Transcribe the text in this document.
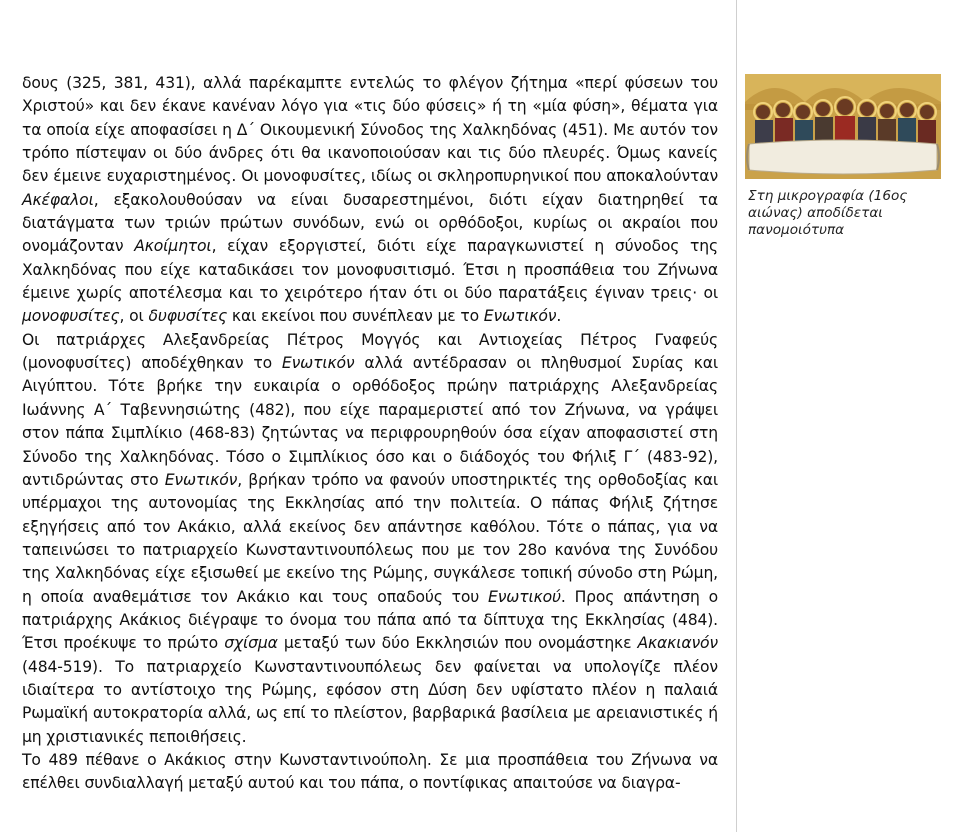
δους (325, 381, 431), αλλά παρέκαμπτε εντελώς το φλέγον ζήτημα «περί φύσεων του Χριστού» και δεν έκανε κανέναν λόγο για «τις δύο φύσεις» ή τη «μία φύση», θέματα για τα οποία είχε αποφασίσει η Δ΄ Οικουμενική Σύνοδος της Χαλκηδόνας (451). Με αυτόν τον τρόπο πίστεψαν οι δύο άνδρες ότι θα ικανοποιούσαν και τις δύο πλευρές. Όμως κανείς δεν έμεινε ευχαριστημένος. Οι μονοφυσίτες, ιδίως οι σκληροπυρηνικοί που αποκαλούνταν Ακέφαλοι, εξακολουθούσαν να είναι δυσαρεστημένοι, διότι είχαν διατηρηθεί τα διατάγματα των τριών πρώτων συνόδων, ενώ οι ορθόδοξοι, κυρίως οι ακραίοι που ονομάζονταν Ακοίμητοι, είχαν εξοργιστεί, διότι είχε παραγκωνιστεί η σύνοδος της Χαλκηδόνας που είχε καταδικάσει τον μονοφυσιτισμό. Έτσι η προσπάθεια του Ζήνωνα έμεινε χωρίς αποτέλεσμα και το χειρότερο ήταν ότι οι δύο παρατάξεις έγιναν τρεις· οι μονοφυσίτες, οι δυφυσίτες και εκείνοι που συνέπλεαν με το Ενωτικόν.

Οι πατριάρχες Αλεξανδρείας Πέτρος Μογγός και Αντιοχείας Πέτρος Γναφεύς (μονοφυσίτες) αποδέχθηκαν το Ενωτικόν αλλά αντέδρασαν οι πληθυσμοί Συρίας και Αιγύπτου. Τότε βρήκε την ευκαιρία ο ορθόδοξος πρώην πατριάρχης Αλεξανδρείας Ιωάννης Α΄ Ταβεννησιώτης (482), που είχε παραμεριστεί από τον Ζήνωνα, να γράψει στον πάπα Σιμπλίκιο (468-83) ζητώντας να περιφρουρηθούν όσα είχαν αποφασιστεί στη Σύνοδο της Χαλκηδόνας. Τόσο ο Σιμπλίκιος όσο και ο διάδοχός του Φήλιξ Γ΄ (483-92), αντιδρώντας στο Ενωτικόν, βρήκαν τρόπο να φανούν υποστηρικτές της ορθοδοξίας και υπέρμαχοι της αυτονομίας της Εκκλησίας από την πολιτεία. Ο πάπας Φήλιξ ζήτησε εξηγήσεις από τον Ακάκιο, αλλά εκείνος δεν απάντησε καθόλου. Τότε ο πάπας, για να ταπεινώσει το πατριαρχείο Κωνσταντινουπόλεως που με τον 28ο κανόνα της Συνόδου της Χαλκηδόνας είχε εξισωθεί με εκείνο της Ρώμης, συγκάλεσε τοπική σύνοδο στη Ρώμη, η οποία αναθεμάτισε τον Ακάκιο και τους οπαδούς του Ενωτικού. Προς απάντηση ο πατριάρχης Ακάκιος διέγραψε το όνομα του πάπα από τα δίπτυχα της Εκκλησίας (484). Έτσι προέκυψε το πρώτο σχίσμα μεταξύ των δύο Εκκλησιών που ονομάστηκε Ακακιανόν (484-519). Το πατριαρχείο Κωνσταντινουπόλεως δεν φαίνεται να υπολογίζε πλέον ιδιαίτερα το αντίστοιχο της Ρώμης, εφόσον στη Δύση δεν υφίστατο πλέον η παλαιά Ρωμαϊκή αυτοκρατορία αλλά, ως επί το πλείστον, βαρβαρικά βασίλεια με αρειανιστικές ή μη χριστιανικές πεποιθήσεις.

Το 489 πέθανε ο Ακάκιος στην Κωνσταντινούπολη. Σε μια προσπάθεια του Ζήνωνα να επέλθει συνδιαλλαγή μεταξύ αυτού και του πάπα, ο ποντίφικας απαιτούσε να διαγρα-

Στη μικρογραφία (16ος αιώνας) αποδίδεται πανομοιότυπα
